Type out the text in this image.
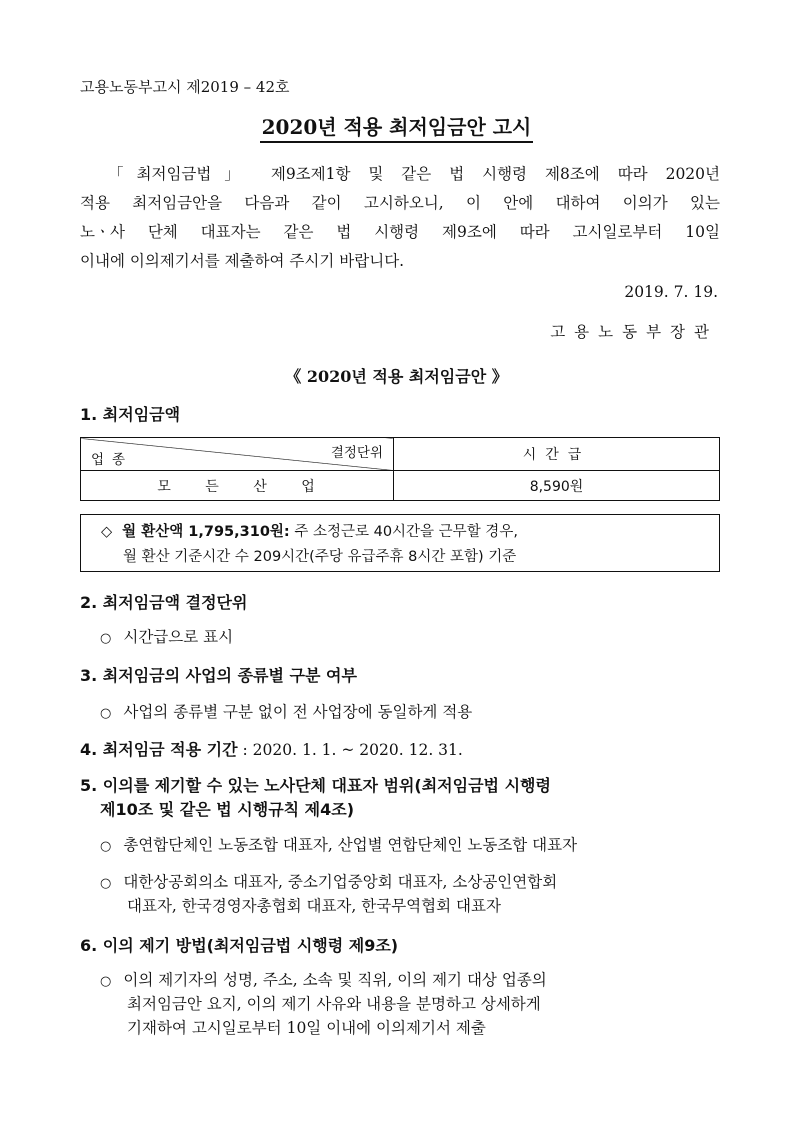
고용노동부고시 제2019 – 42호
2020년 적용 최저임금안 고시
「최저임금법」 제9조제1항 및 같은 법 시행령 제8조에 따라 2020년
적용 최저임금안을 다음과 같이 고시하오니, 이 안에 대하여 이의가 있는
노ㆍ사 단체 대표자는 같은 법 시행령 제9조에 따라 고시일로부터 10일
이내에 이의제기서를 제출하여 주시기 바랍니다.
2019. 7. 19.
고용노동부장관
《 2020년 적용 최저임금안 》
1. 최저임금액
결정단위
업종	시간급
모 든 산 업	8,590원
◇ 월 환산액 1,795,310원: 주 소정근로 40시간을 근무할 경우,
월 환산 기준시간 수 209시간(주당 유급주휴 8시간 포함) 기준
2. 최저임금액 결정단위
○ 시간급으로 표시
3. 최저임금의 사업의 종류별 구분 여부
○ 사업의 종류별 구분 없이 전 사업장에 동일하게 적용
4. 최저임금 적용 기간 : 2020. 1. 1. ~ 2020. 12. 31.
5. 이의를 제기할 수 있는 노사단체 대표자 범위(최저임금법 시행령
제10조 및 같은 법 시행규칙 제4조)
○ 총연합단체인 노동조합 대표자, 산업별 연합단체인 노동조합 대표자
○ 대한상공회의소 대표자, 중소기업중앙회 대표자, 소상공인연합회
대표자, 한국경영자총협회 대표자, 한국무역협회 대표자
6. 이의 제기 방법(최저임금법 시행령 제9조)
○ 이의 제기자의 성명, 주소, 소속 및 직위, 이의 제기 대상 업종의
최저임금안 요지, 이의 제기 사유와 내용을 분명하고 상세하게
기재하여 고시일로부터 10일 이내에 이의제기서 제출
